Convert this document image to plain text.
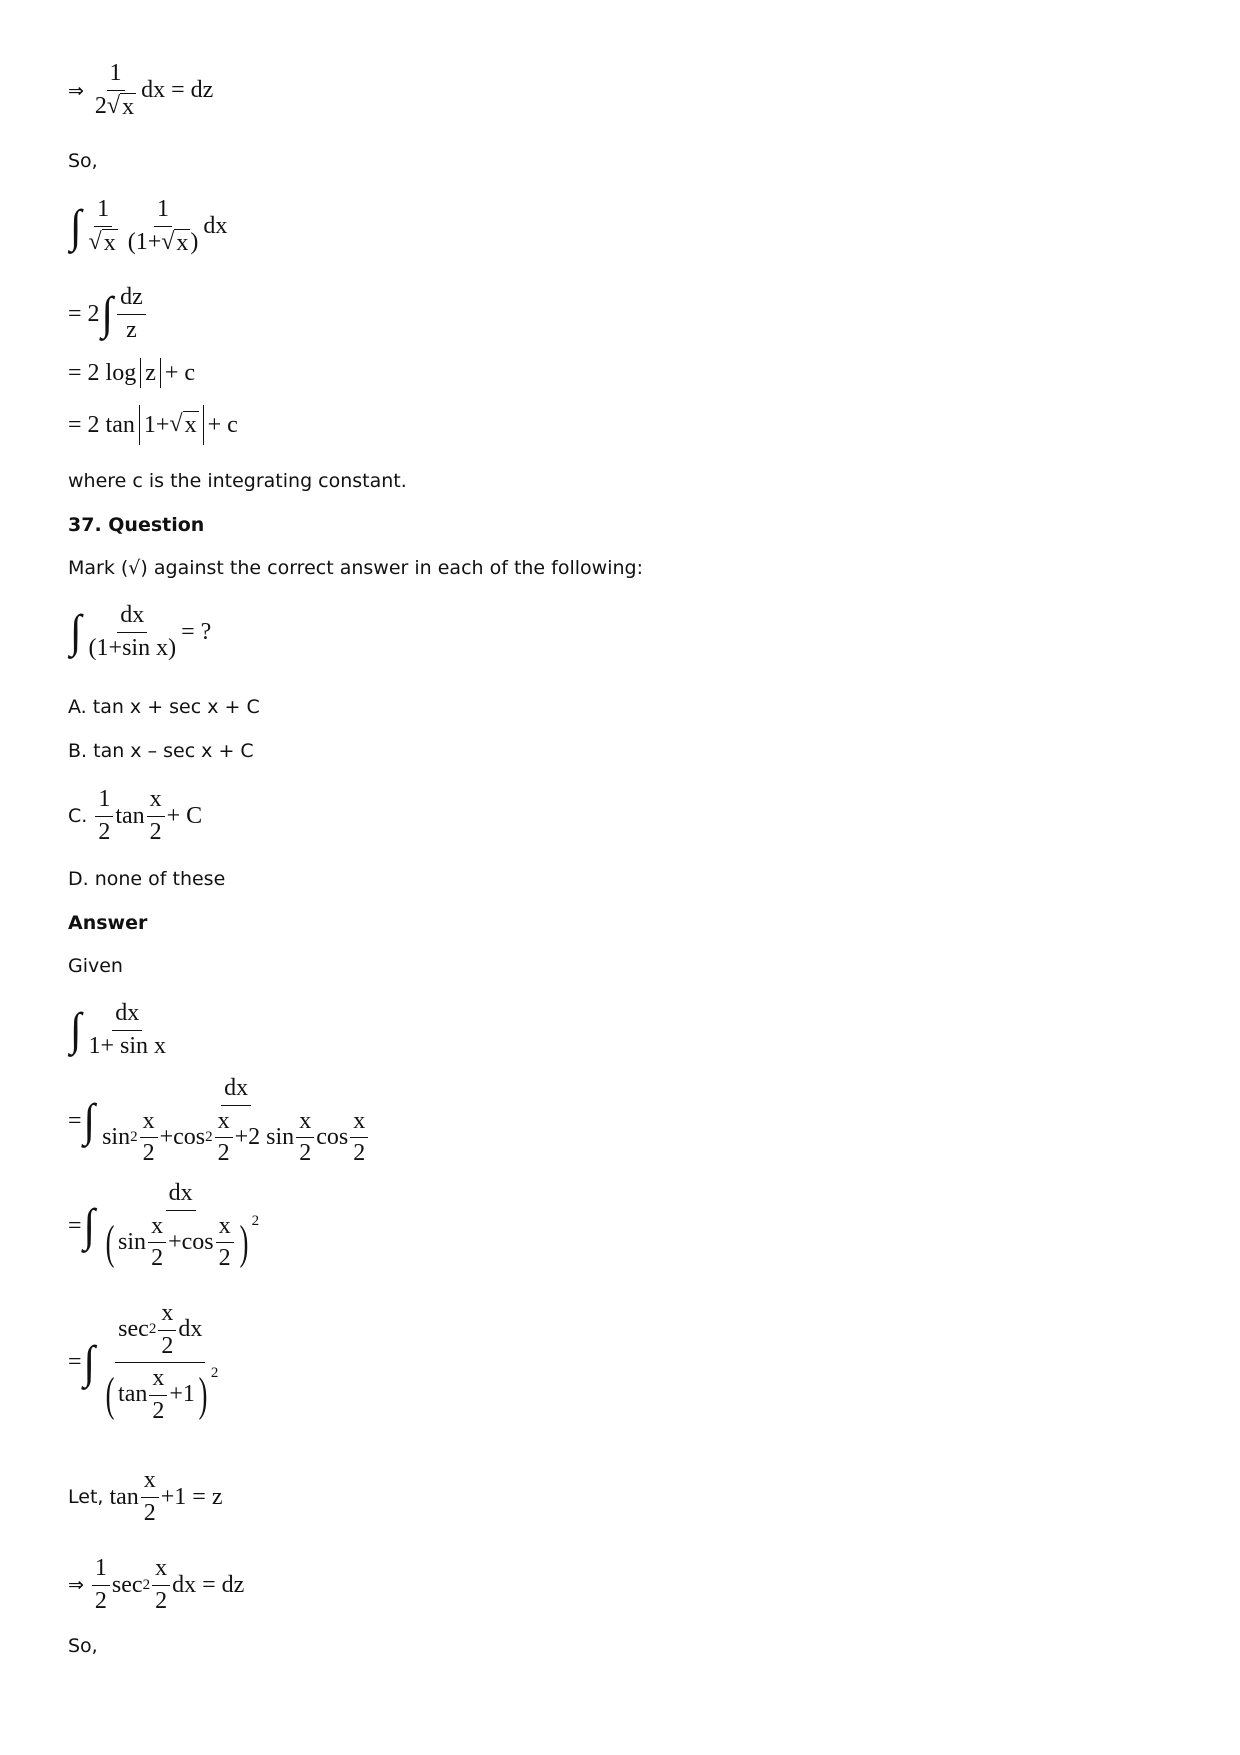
⇒ $\frac{1}{2 √ x}$ dx = dz
So,
∫ $\frac{1}{√ x} \frac{1}{(1+ √ x )}$ dx
= 2 ∫ $\frac{dz}{z}$
= 2 log z + c
= 2 tan 1 + √ x + c
where c is the integrating constant.
37. Question
Mark (√) against the correct answer in each of the following:
∫ $\frac{dx}{\text{(1+sin x)}}$ = ?
A. tan x + sec x + C
B. tan x – sec x + C
C. $\frac{1}{2}$ $\tan \frac{x}{2} + C$
D. none of these
Answer
Given
∫ $\frac{dx}{\text{1+ sin x}}$
= ∫
dx
$\sin 2 \frac{x}{2} + \cos 2 \frac{x}{2} + 2$ $\sin \frac{x}{2}$ $\cos \frac{x}{2}$
= ∫
dx
( $\sin \frac{x}{2} + \cos \frac{x}{2}$ ) 2
= ∫ $\frac{\sec 2 \frac{x}{2} dx}{( \tan \frac{x}{2} +1 ) 2}$
Let, $\tan \frac{x}{2} +1 = z$
⇒ $\frac{1}{2}$ $\sec 2 \frac{x}{2}$ dx = dz
So,
